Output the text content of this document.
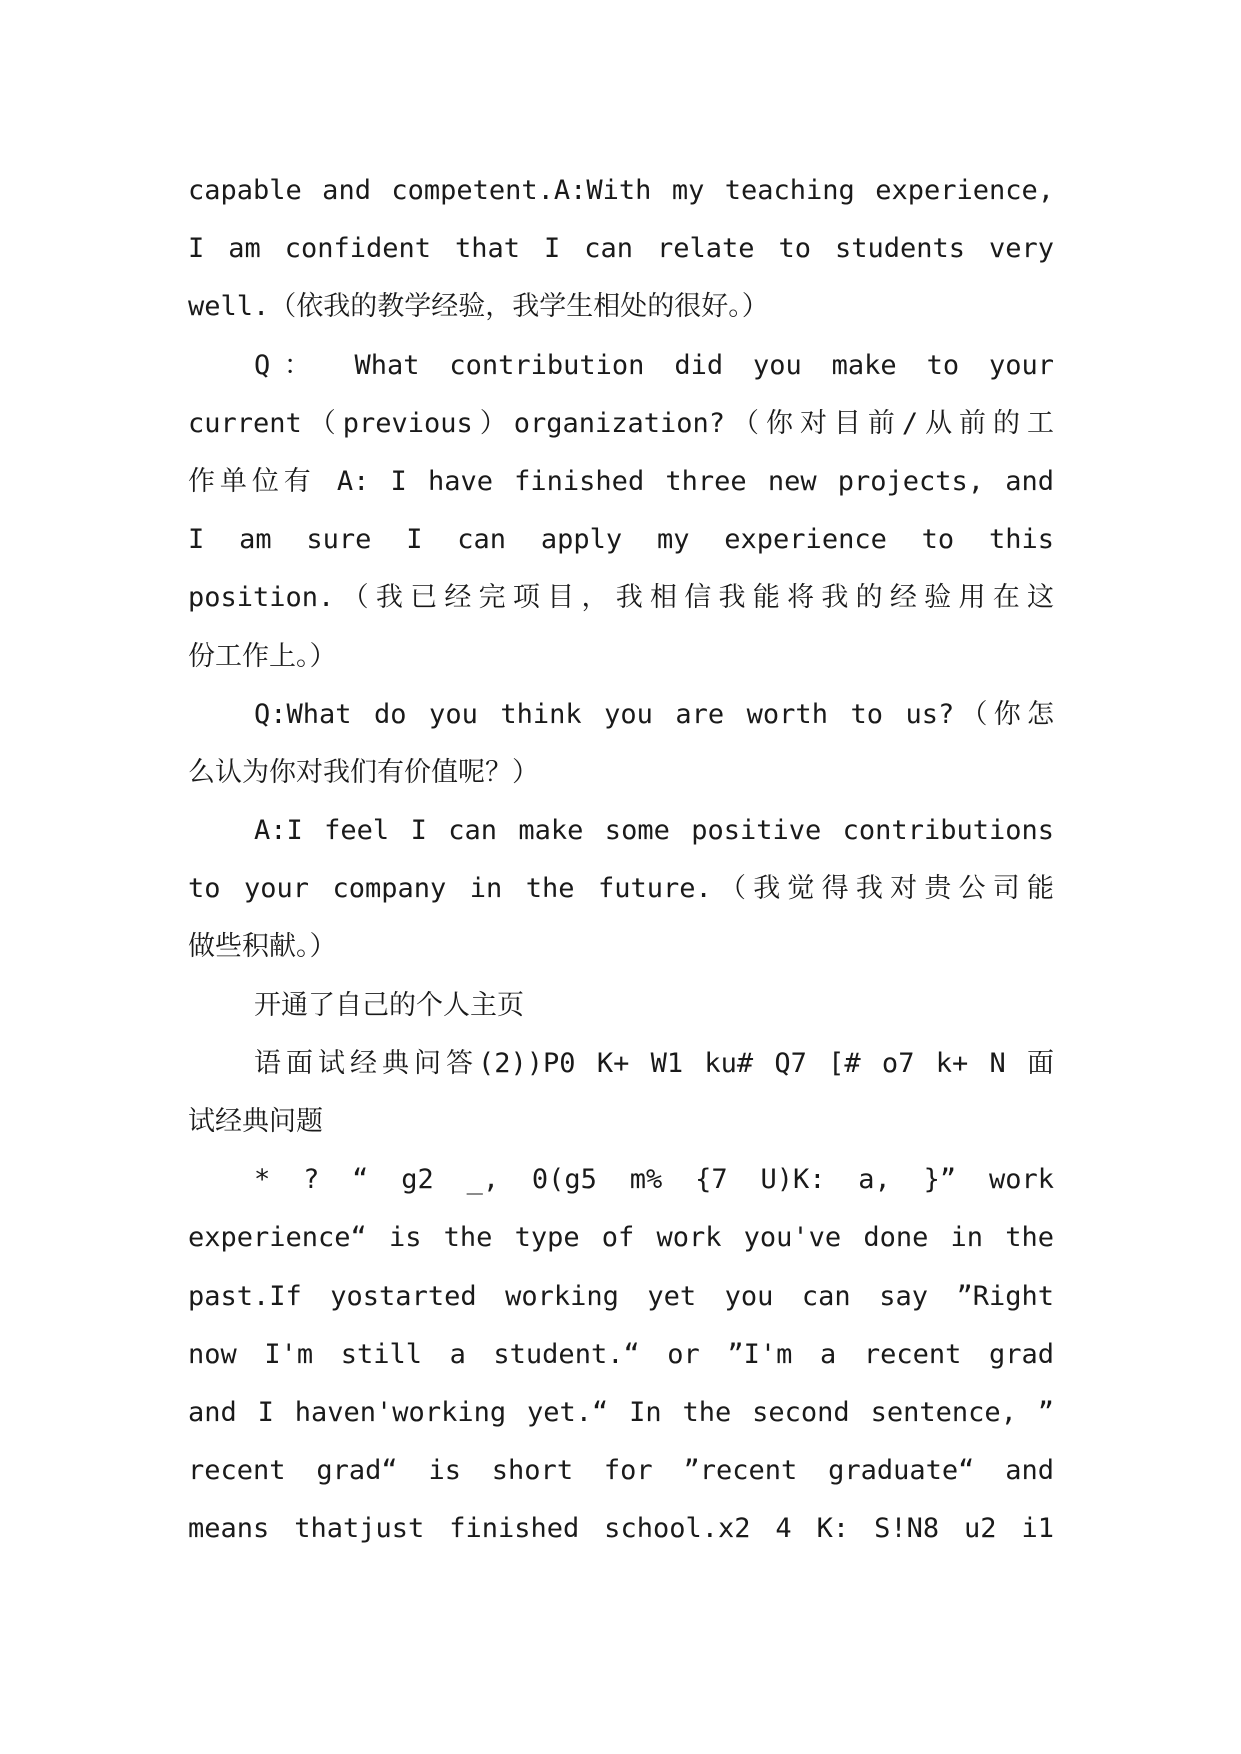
capable and competent.A:With my teaching experience,
I am confident that I can relate to students very
well.（依我的教学经验，我学生相处的很好。）
Q： What contribution did you make to your
current（previous）organization?（你对目前/从前的工
作单位有 A: I have finished three new projects, and
I am sure I can apply my experience to this
position.（我已经完项目，我相信我能将我的经验用在这
份工作上。）
Q:What do you think you are worth to us?（你怎
么认为你对我们有价值呢？）
A:I feel I can make some positive contributions
to your company in the future.（我觉得我对贵公司能
做些积献。）
开通了自己的个人主页
语面试经典问答(2))P0 K+ W1 ku# Q7 [# o7 k+ N 面
试经典问题
* ? “ g2 _, 0(g5 m% {7 U)K: a, }” work
experience“ is the type of work you've done in the
past.If yostarted working yet you can say ”Right
now I'm still a student.“ or ”I'm a recent grad
and I haven'working yet.“ In the second sentence, ”
recent grad“ is short for ”recent graduate“ and
means thatjust finished school.x2 4 K: S!N8 u2 i1
